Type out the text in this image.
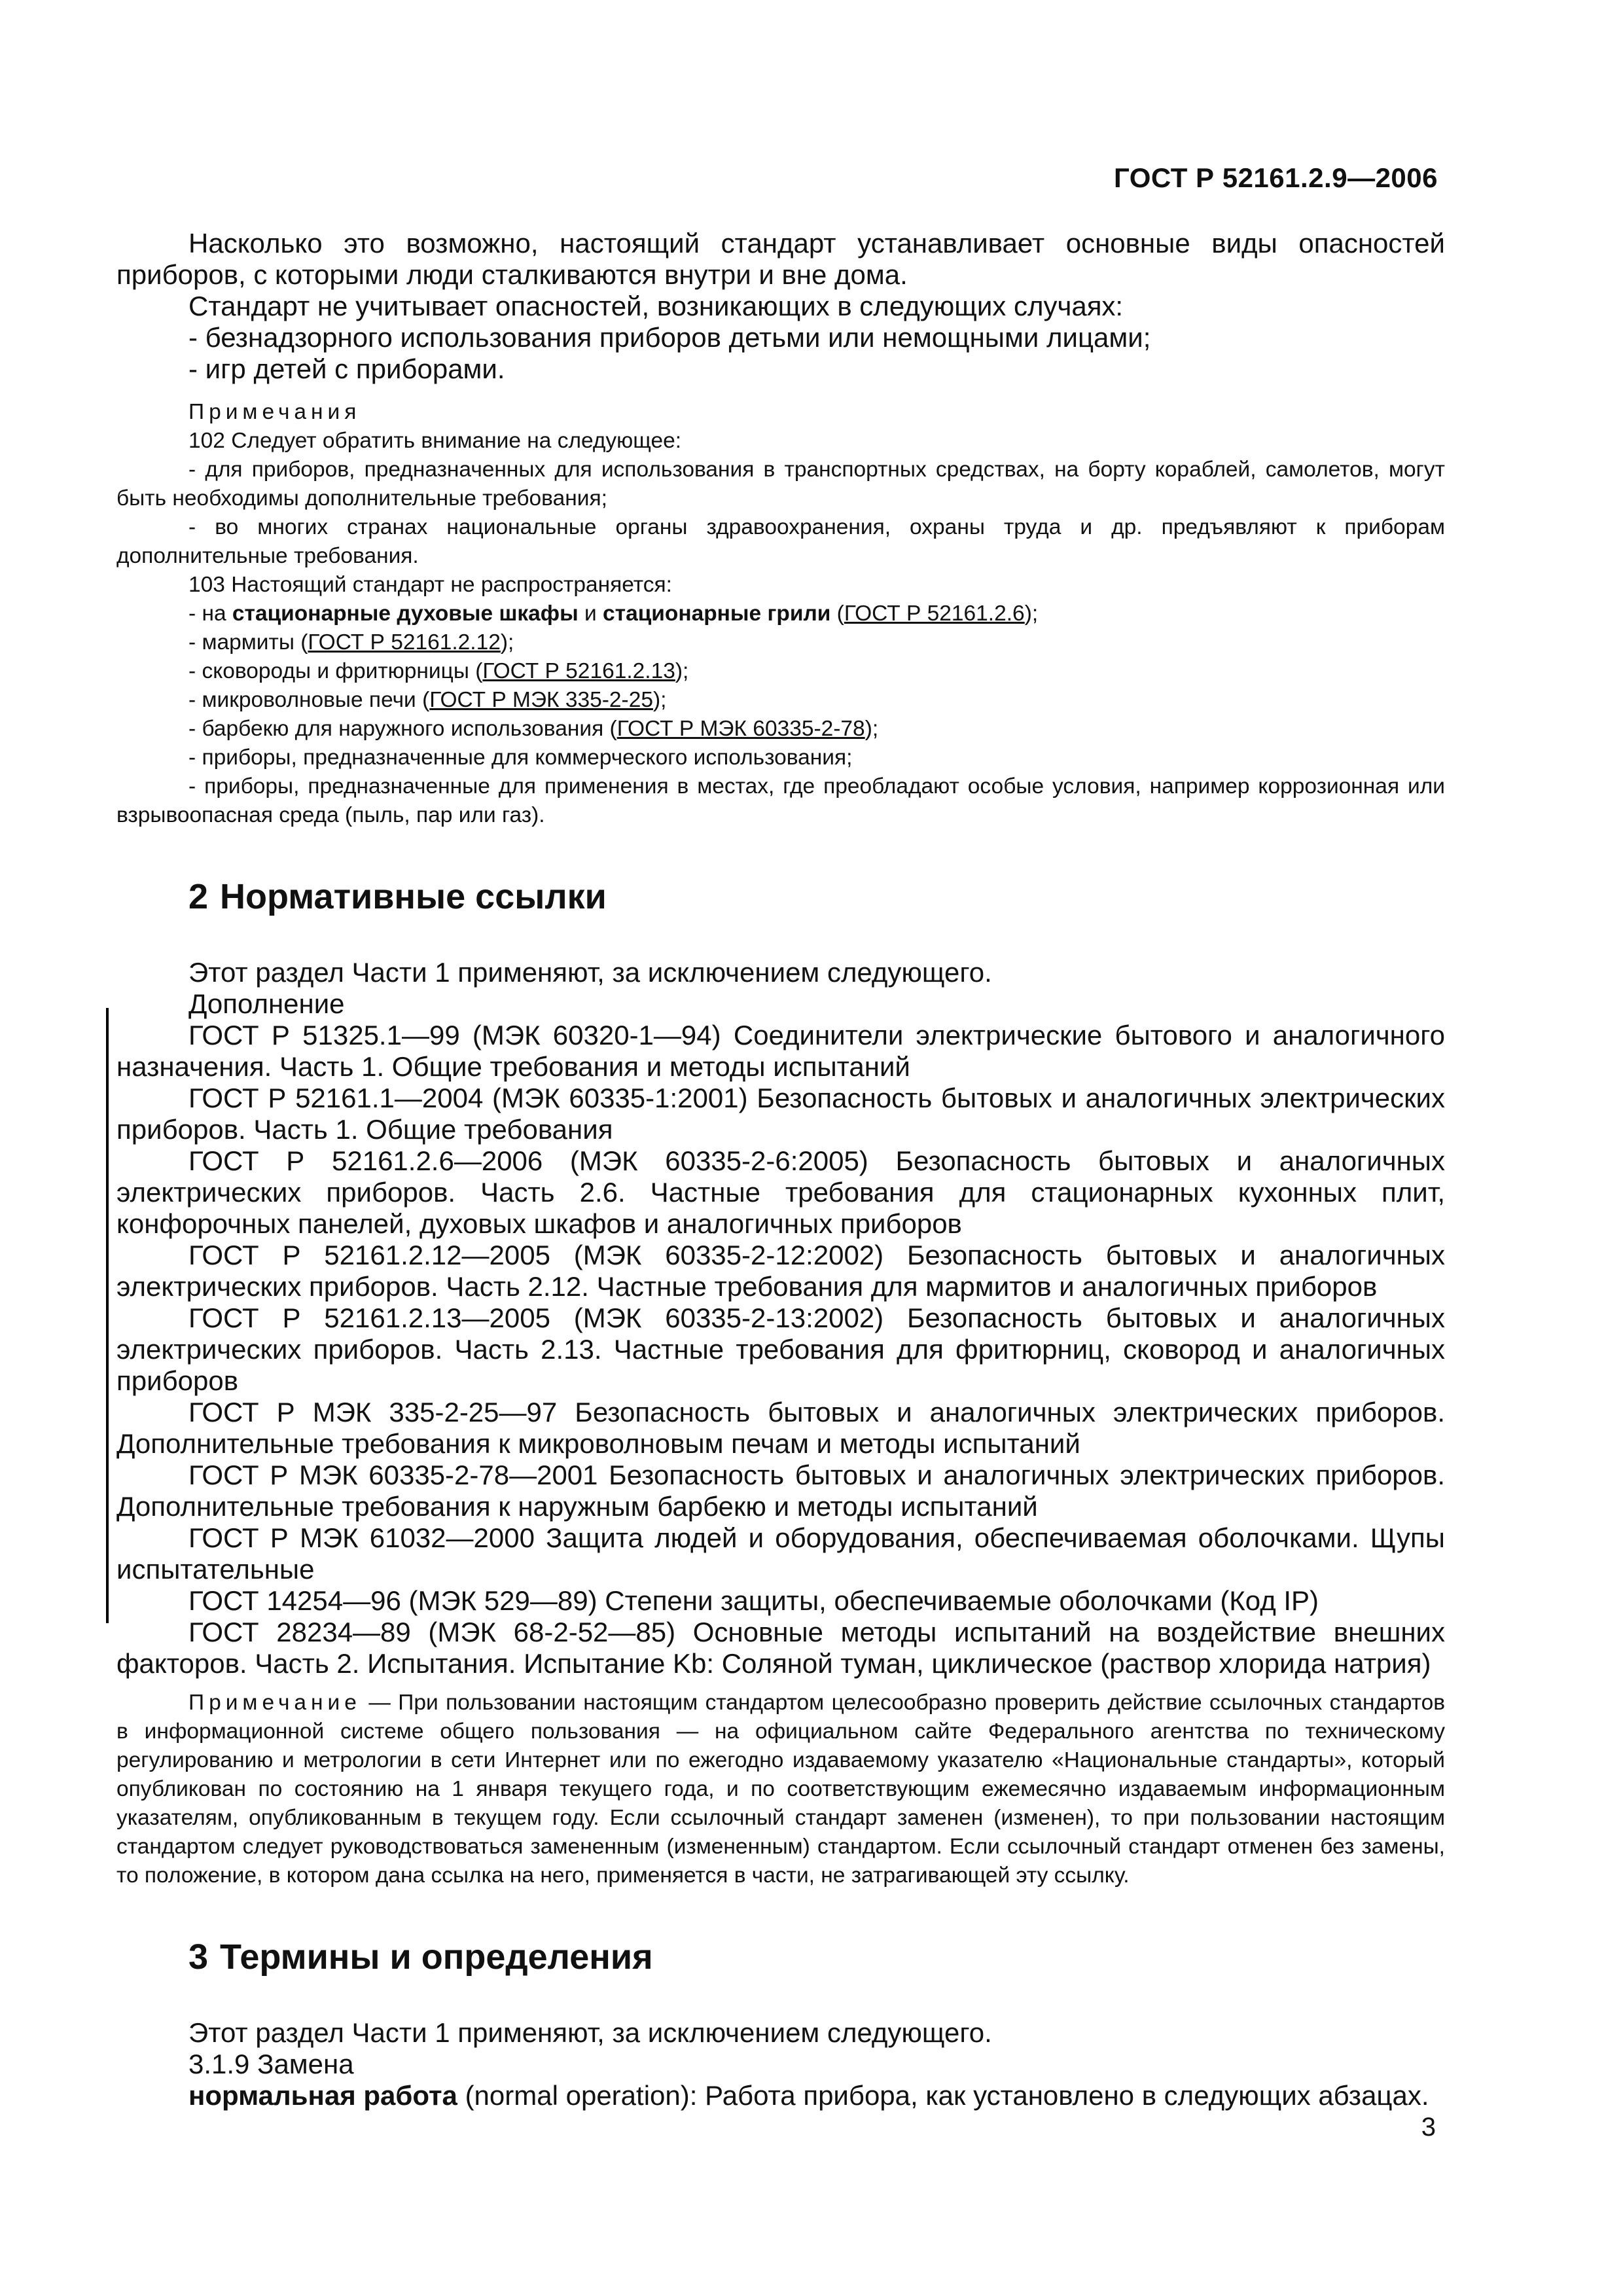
ГОСТ Р 52161.2.9—2006

Насколько это возможно, настоящий стандарт устанавливает основные виды опасностей приборов, с которыми люди сталкиваются внутри и вне дома.

Стандарт не учитывает опасностей, возникающих в следующих случаях:

- безнадзорного использования приборов детьми или немощными лицами;

- игр детей с приборами.

Примечания

102 Следует обратить внимание на следующее:

- для приборов, предназначенных для использования в транспортных средствах, на борту кораблей, самолетов, могут быть необходимы дополнительные требования;

- во многих странах национальные органы здравоохранения, охраны труда и др. предъявляют к приборам дополнительные требования.

103 Настоящий стандарт не распространяется:

- на стационарные духовые шкафы и стационарные грили (ГОСТ Р 52161.2.6);

- мармиты (ГОСТ Р 52161.2.12);

- сковороды и фритюрницы (ГОСТ Р 52161.2.13);

- микроволновые печи (ГОСТ Р МЭК 335-2-25);

- барбекю для наружного использования (ГОСТ Р МЭК 60335-2-78);

- приборы, предназначенные для коммерческого использования;

- приборы, предназначенные для применения в местах, где преобладают особые условия, например коррозионная или взрывоопасная среда (пыль, пар или газ).

2 Нормативные ссылки

Этот раздел Части 1 применяют, за исключением следующего.

Дополнение

ГОСТ Р 51325.1—99 (МЭК 60320-1—94) Соединители электрические бытового и аналогичного назначения. Часть 1. Общие требования и методы испытаний

ГОСТ Р 52161.1—2004 (МЭК 60335-1:2001) Безопасность бытовых и аналогичных электрических приборов. Часть 1. Общие требования

ГОСТ Р 52161.2.6—2006 (МЭК 60335-2-6:2005) Безопасность бытовых и аналогичных электрических приборов. Часть 2.6. Частные требования для стационарных кухонных плит, конфорочных панелей, духовых шкафов и аналогичных приборов

ГОСТ Р 52161.2.12—2005 (МЭК 60335-2-12:2002) Безопасность бытовых и аналогичных электрических приборов. Часть 2.12. Частные требования для мармитов и аналогичных приборов

ГОСТ Р 52161.2.13—2005 (МЭК 60335-2-13:2002) Безопасность бытовых и аналогичных электрических приборов. Часть 2.13. Частные требования для фритюрниц, сковород и аналогичных приборов

ГОСТ Р МЭК 335-2-25—97 Безопасность бытовых и аналогичных электрических приборов. Дополнительные требования к микроволновым печам и методы испытаний

ГОСТ Р МЭК 60335-2-78—2001 Безопасность бытовых и аналогичных электрических приборов. Дополнительные требования к наружным барбекю и методы испытаний

ГОСТ Р МЭК 61032—2000 Защита людей и оборудования, обеспечиваемая оболочками. Щупы испытательные

ГОСТ 14254—96 (МЭК 529—89) Степени защиты, обеспечиваемые оболочками (Код IP)

ГОСТ 28234—89 (МЭК 68-2-52—85) Основные методы испытаний на воздействие внешних факторов. Часть 2. Испытания. Испытание Kb: Соляной туман, циклическое (раствор хлорида натрия)

Примечание — При пользовании настоящим стандартом целесообразно проверить действие ссылочных стандартов в информационной системе общего пользования — на официальном сайте Федерального агентства по техническому регулированию и метрологии в сети Интернет или по ежегодно издаваемому указателю «Национальные стандарты», который опубликован по состоянию на 1 января текущего года, и по соответствующим ежемесячно издаваемым информационным указателям, опубликованным в текущем году. Если ссылочный стандарт заменен (изменен), то при пользовании настоящим стандартом следует руководствоваться замененным (измененным) стандартом. Если ссылочный стандарт отменен без замены, то положение, в котором дана ссылка на него, применяется в части, не затрагивающей эту ссылку.

3 Термины и определения

Этот раздел Части 1 применяют, за исключением следующего.

3.1.9 Замена

нормальная работа (normal operation): Работа прибора, как установлено в следующих абзацах.

3
